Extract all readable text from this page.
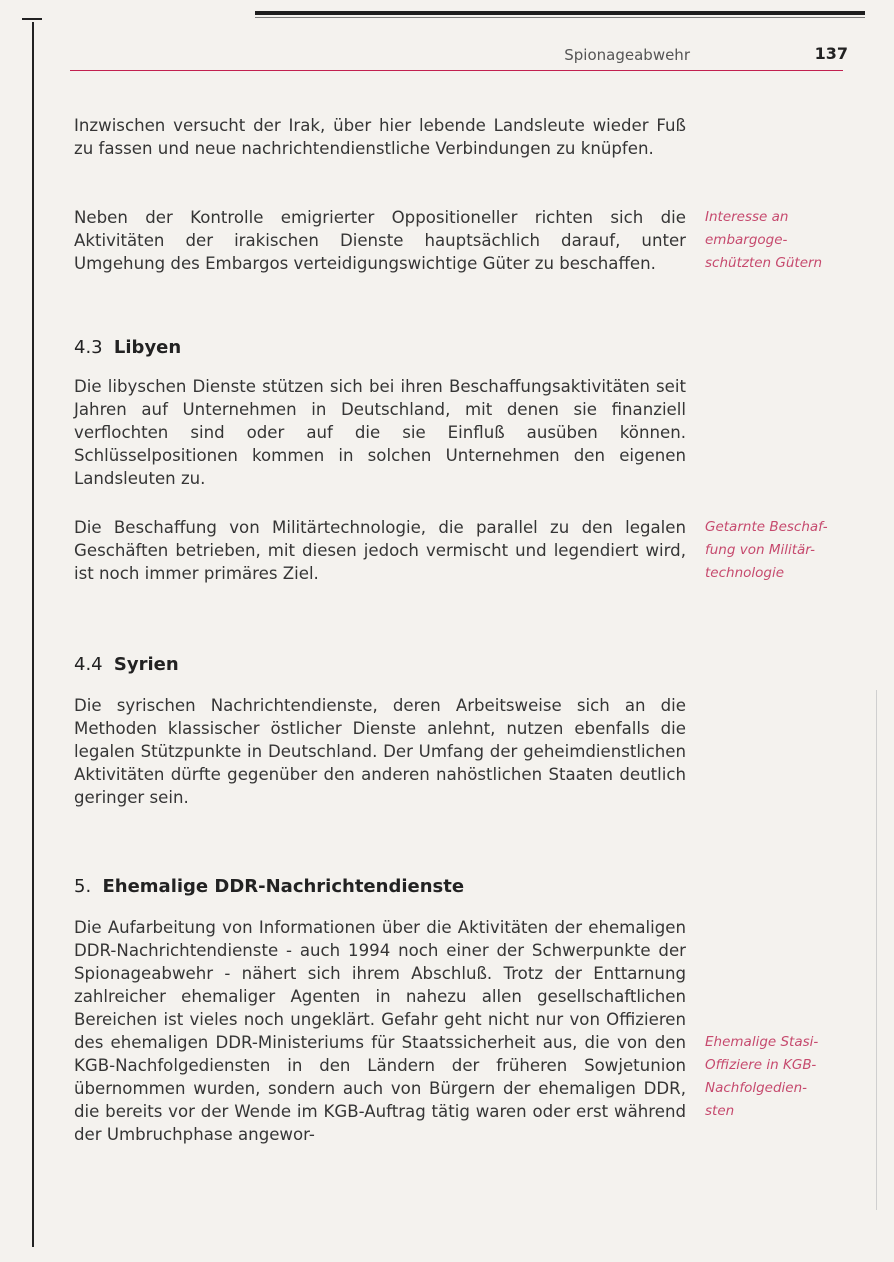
Spionageabwehr	137

Inzwischen versucht der Irak, über hier lebende Landsleute wieder Fuß zu fassen und neue nachrichtendienstliche Verbindungen zu knüpfen.

Neben der Kontrolle emigrierter Oppositioneller richten sich die Aktivitäten der irakischen Dienste hauptsächlich darauf, unter Umgehung des Embargos verteidigungswichtige Güter zu beschaffen.

Interesse an
embargoge-
schützten Gütern

4.3 Libyen

Die libyschen Dienste stützen sich bei ihren Beschaffungsaktivitäten seit Jahren auf Unternehmen in Deutschland, mit denen sie finanziell verflochten sind oder auf die sie Einfluß ausüben können. Schlüsselpositionen kommen in solchen Unternehmen den eigenen Landsleuten zu.

Die Beschaffung von Militärtechnologie, die parallel zu den legalen Geschäften betrieben, mit diesen jedoch vermischt und legendiert wird, ist noch immer primäres Ziel.

Getarnte Beschaf-
fung von Militär-
technologie

4.4 Syrien

Die syrischen Nachrichtendienste, deren Arbeitsweise sich an die Methoden klassischer östlicher Dienste anlehnt, nutzen ebenfalls die legalen Stützpunkte in Deutschland. Der Umfang der geheimdienstlichen Aktivitäten dürfte gegenüber den anderen nahöstlichen Staaten deutlich geringer sein.

5. Ehemalige DDR-Nachrichtendienste

Die Aufarbeitung von Informationen über die Aktivitäten der ehemaligen DDR-Nachrichtendienste - auch 1994 noch einer der Schwerpunkte der Spionageabwehr - nähert sich ihrem Abschluß. Trotz der Enttarnung zahlreicher ehemaliger Agenten in nahezu allen gesellschaftlichen Bereichen ist vieles noch ungeklärt. Gefahr geht nicht nur von Offizieren des ehemaligen DDR-Ministeriums für Staatssicherheit aus, die von den KGB-Nachfolgediensten in den Ländern der früheren Sowjetunion übernommen wurden, sondern auch von Bürgern der ehemaligen DDR, die bereits vor der Wende im KGB-Auftrag tätig waren oder erst während der Umbruchphase angewor-

Ehemalige Stasi-
Offiziere in KGB-
Nachfolgedien-
sten
